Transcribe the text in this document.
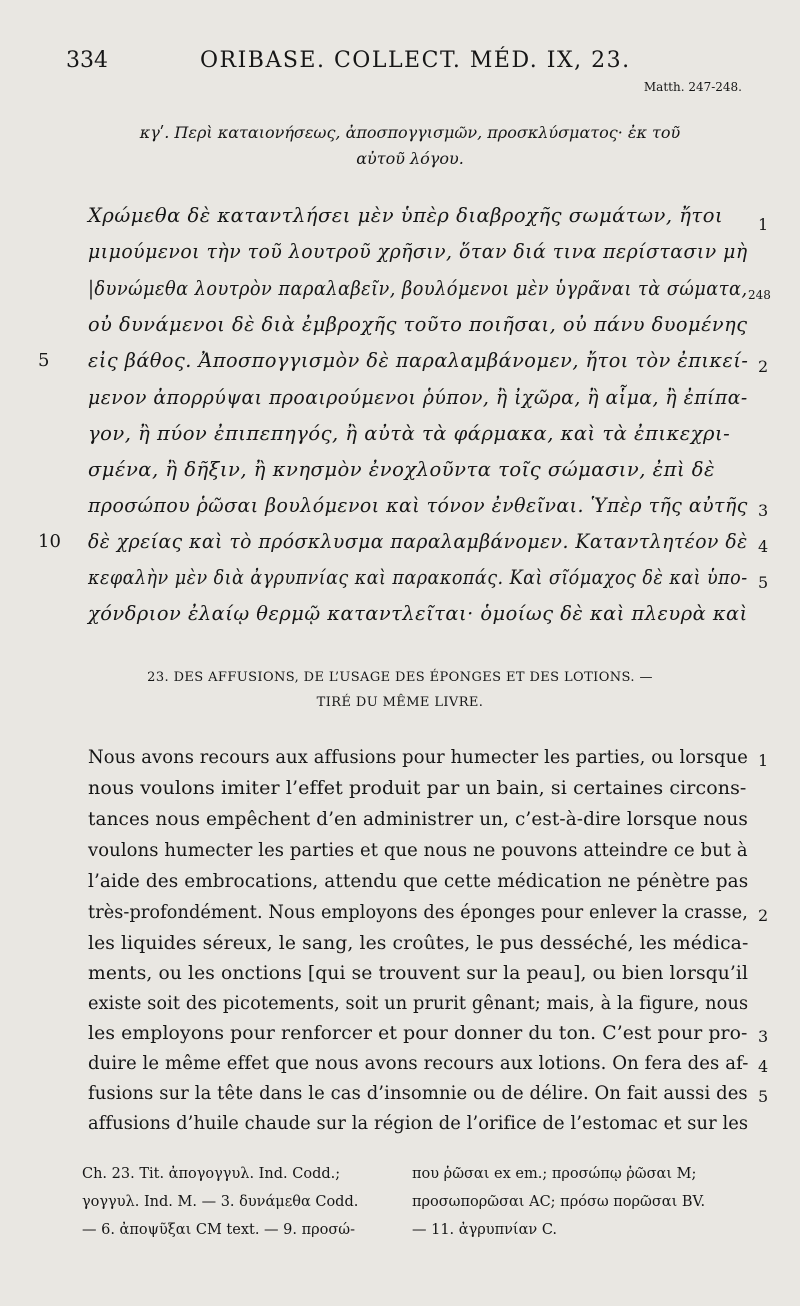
334	ORIBASE. COLLECT. MÉD. IX, 23.
Matth. 247-248.
κγʹ. Περὶ καταιονήσεως, ἀποσπογγισμῶν, προσκλύσματος· ἐκ τοῦ
αὐτοῦ λόγου.
Χρώμεθα δὲ καταντλήσει μὲν ὑπὲρ διαβροχῆς σωμάτων, ἤτοι
μιμούμενοι τὴν τοῦ λουτροῦ χρῆσιν, ὅταν διά τινα περίστασιν μὴ
|δυνώμεθα λουτρὸν παραλαβεῖν, βουλόμενοι μὲν ὑγρᾶναι τὰ σώματα,
οὐ δυνάμενοι δὲ διὰ ἐμβροχῆς τοῦτο ποιῆσαι, οὐ πάνυ δυομένης
εἰς βάθος. Ἀποσπογγισμὸν δὲ παραλαμβάνομεν, ἤτοι τὸν ἐπικεί-
μενον ἀπορρύψαι προαιρούμενοι ῥύπον, ἢ ἰχῶρα, ἢ αἷμα, ἢ ἐπίπα-
γον, ἢ πύον ἐπιπεπηγός, ἢ αὐτὰ τὰ φάρμακα, καὶ τὰ ἐπικεχρι-
σμένα, ἢ δῆξιν, ἢ κνησμὸν ἐνοχλοῦντα τοῖς σώμασιν, ἐπὶ δὲ
προσώπου ῥῶσαι βουλόμενοι καὶ τόνον ἐνθεῖναι. Ὑπὲρ τῆς αὐτῆς
δὲ χρείας καὶ τὸ πρόσκλυσμα παραλαμβάνομεν. Καταντλητέον δὲ
κεφαλὴν μὲν διὰ ἀγρυπνίας καὶ παρακοπάς. Καὶ σῖόμαχος δὲ καὶ ὑπο-
χόνδριον ἐλαίῳ θερμῷ καταντλεῖται· ὁμοίως δὲ καὶ πλευρὰ καὶ
5
10
1
248
2
3
4
5
23. DES AFFUSIONS, DE L’USAGE DES ÉPONGES ET DES LOTIONS. —
TIRÉ DU MÊME LIVRE.
Nous avons recours aux affusions pour humecter les parties, ou lorsque
nous voulons imiter l’effet produit par un bain, si certaines circons-
tances nous empêchent d’en administrer un, c’est-à-dire lorsque nous
voulons humecter les parties et que nous ne pouvons atteindre ce but à
l’aide des embrocations, attendu que cette médication ne pénètre pas
très-profondément. Nous employons des éponges pour enlever la crasse,
les liquides séreux, le sang, les croûtes, le pus desséché, les médica-
ments, ou les onctions [qui se trouvent sur la peau], ou bien lorsqu’il
existe soit des picotements, soit un prurit gênant; mais, à la figure, nous
les employons pour renforcer et pour donner du ton. C’est pour pro-
duire le même effet que nous avons recours aux lotions. On fera des af-
fusions sur la tête dans le cas d’insomnie ou de délire. On fait aussi des
affusions d’huile chaude sur la région de l’orifice de l’estomac et sur les
1
2
3
4
5
Ch. 23. Tit. ἀπογογγυλ. Ind. Codd.;
γογγυλ. Ind. M. — 3. δυνάμεθα Codd.
— 6. ἀποψῦξαι CM text. — 9. προσώ-
που ῥῶσαι ex em.; προσώπῳ ῥῶσαι M;
προσωπορῶσαι AC; πρόσω πορῶσαι BV.
— 11. ἀγρυπνίαν C.
